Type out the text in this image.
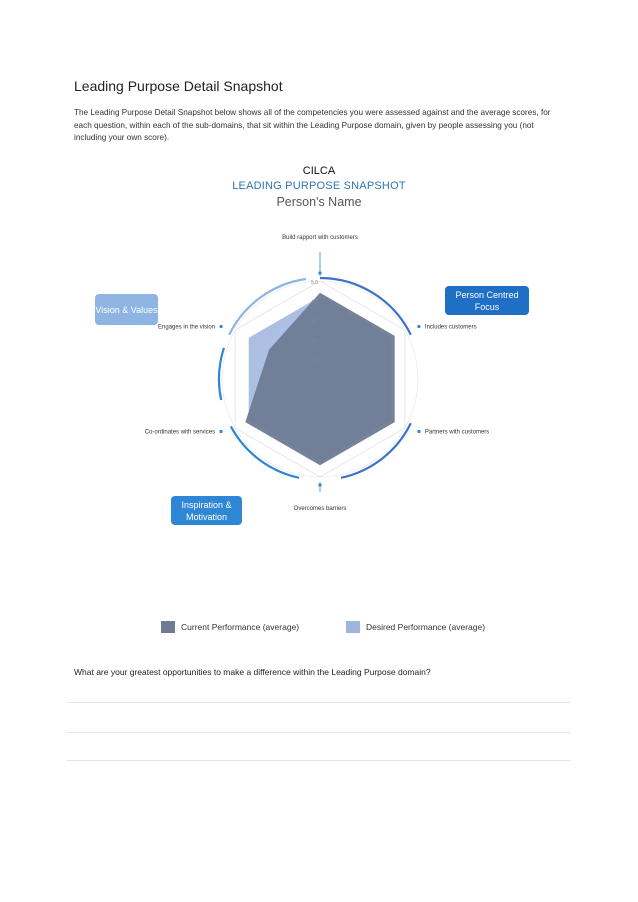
Leading Purpose Detail Snapshot
The Leading Purpose Detail Snapshot below shows all of the competencies you were assessed against and the average scores, for each question, within each of the sub-domains, that sit within the Leading Purpose domain, given by people assessing you (not including your own score).
CILCA
LEADING PURPOSE SNAPSHOT
Person's Name
3.0
3.5
4.0
4.5
5.0
Build rapport with customers
Includes customers
Partners with customers
Overcomes barriers
Co-ordinates with services
Engages in the vision
Vision & Values
Person Centred Focus
Inspiration & Motivation
Current Performance (average)	Desired Performance (average)
What are your greatest opportunities to make a difference within the Leading Purpose domain?
